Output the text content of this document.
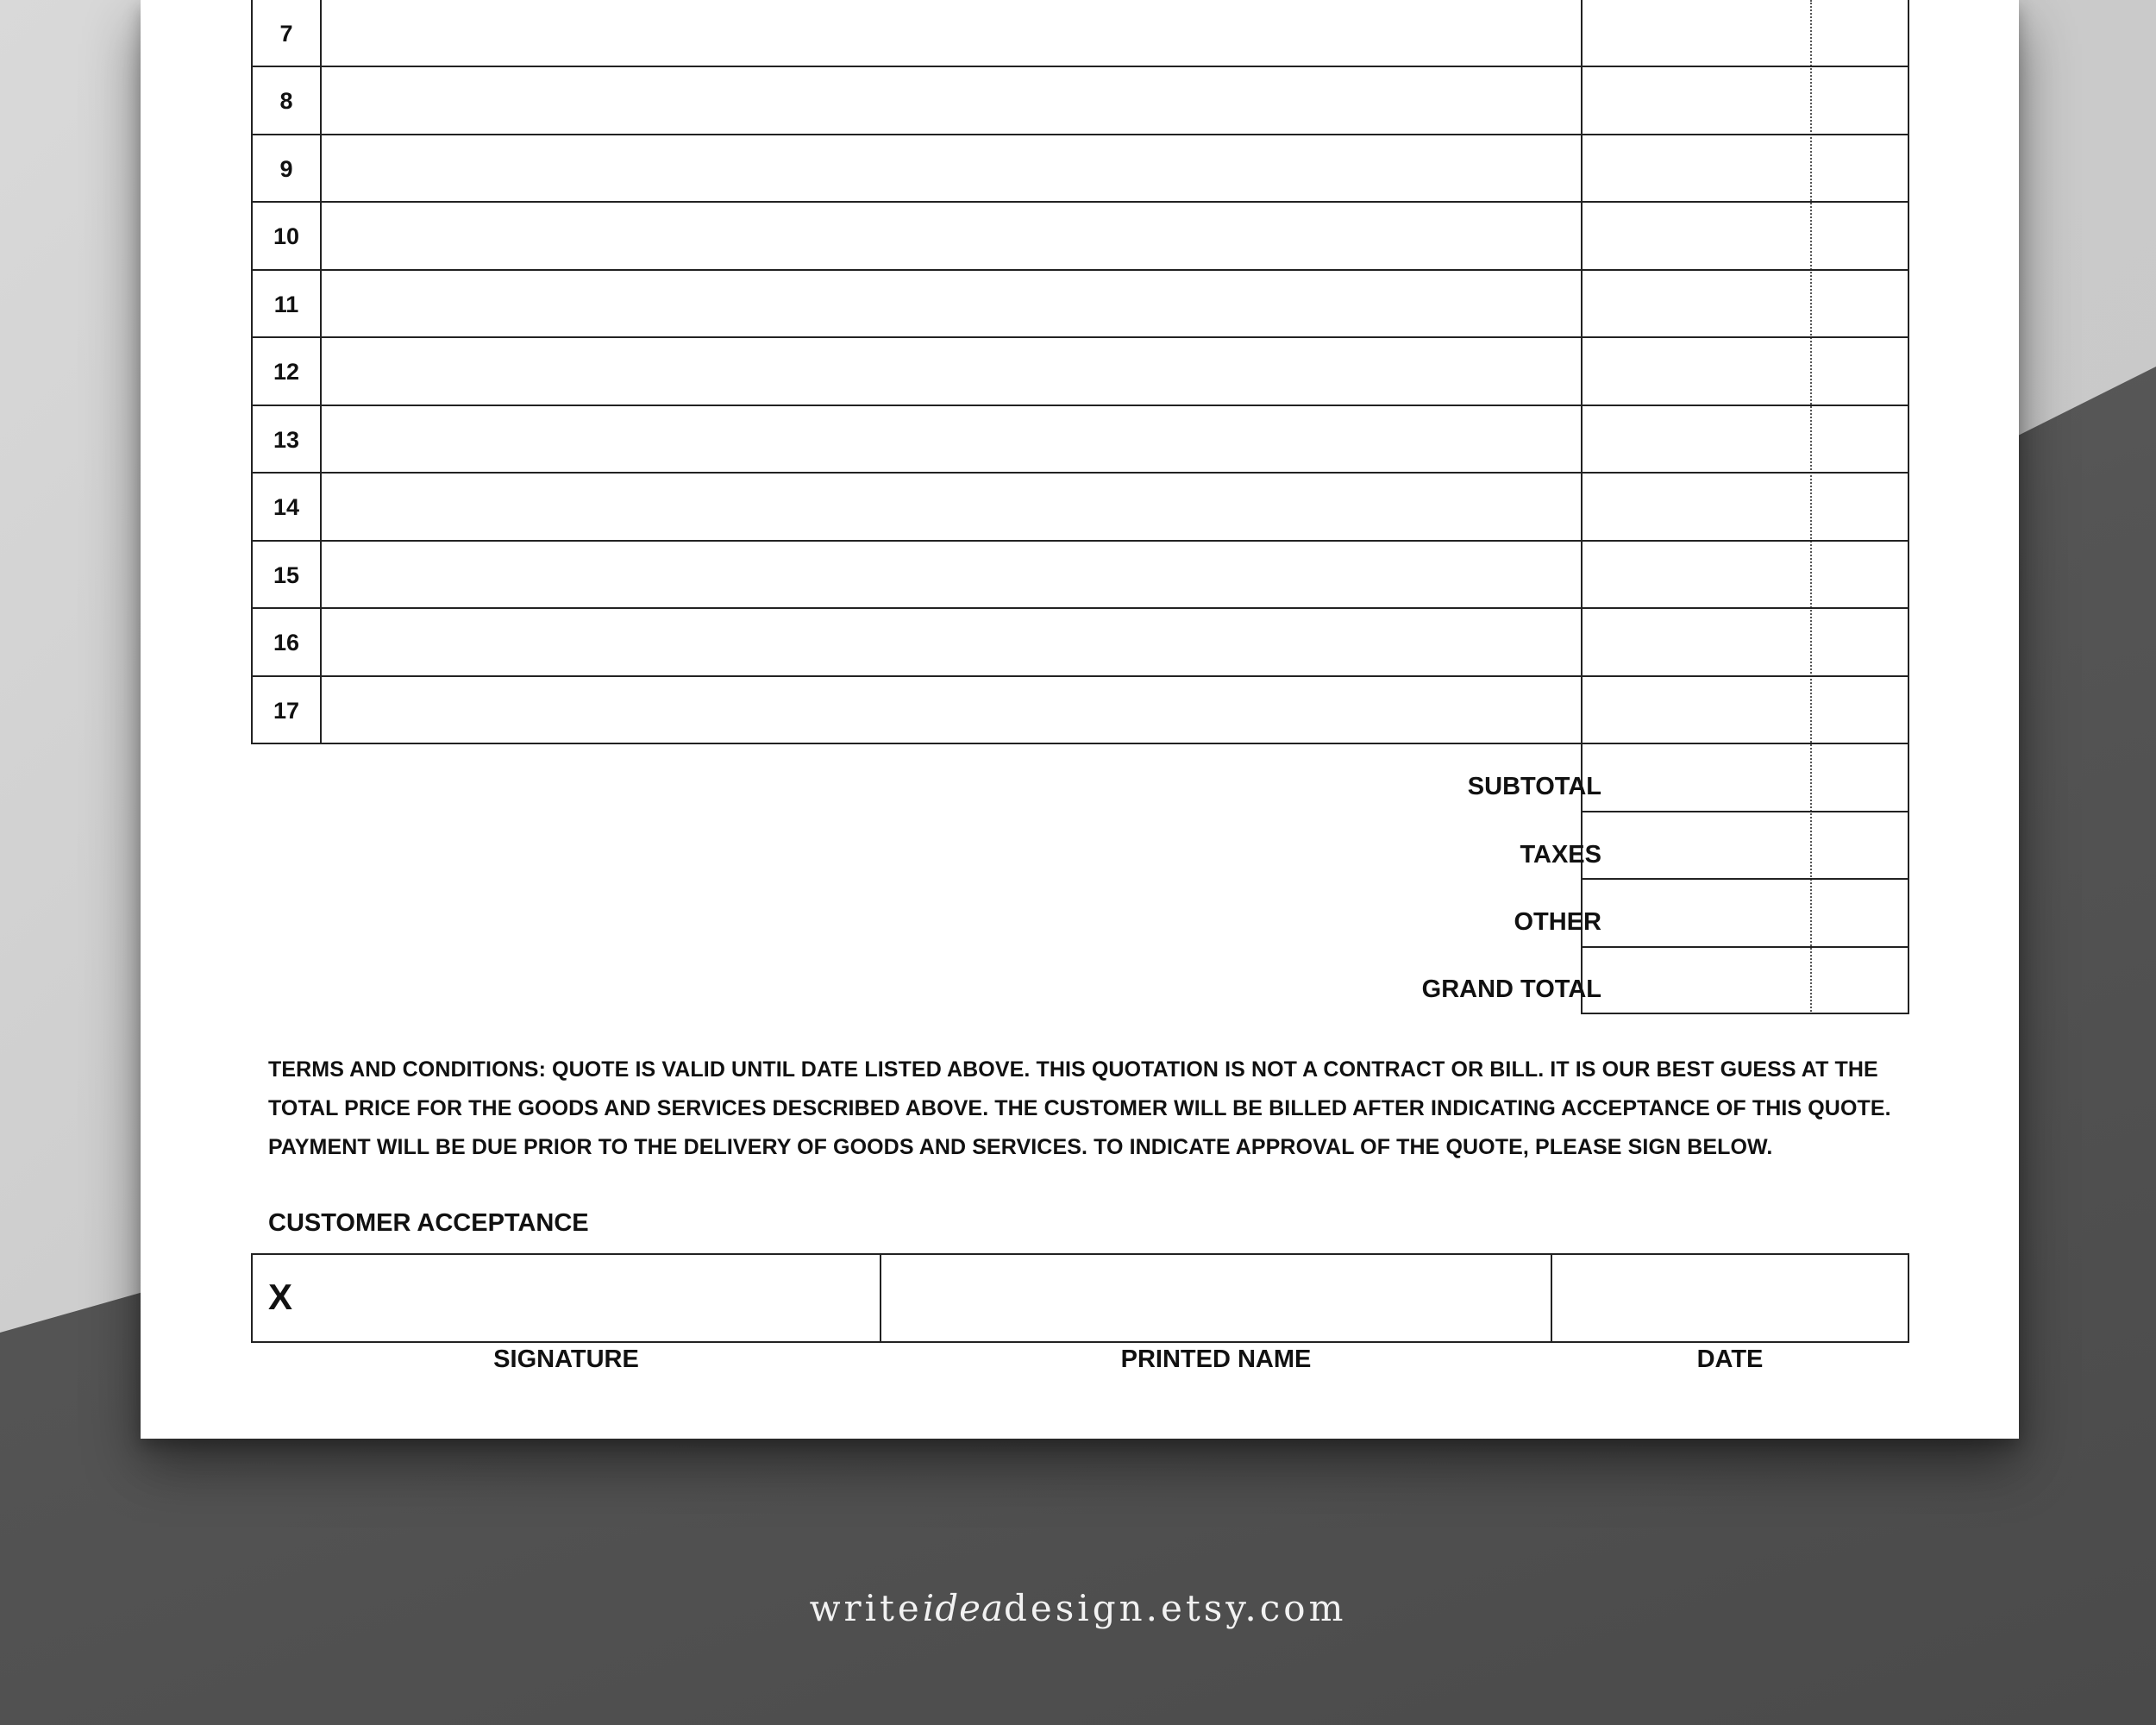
7
8
9
10
11
12
13
14
15
16
17
SUBTOTAL
TAXES
OTHER
GRAND TOTAL
TERMS AND CONDITIONS: QUOTE IS VALID UNTIL DATE LISTED ABOVE. THIS QUOTATION IS NOT A CONTRACT OR BILL. IT IS OUR BEST GUESS AT THE
TOTAL PRICE FOR THE GOODS AND SERVICES DESCRIBED ABOVE. THE CUSTOMER WILL BE BILLED AFTER INDICATING ACCEPTANCE OF THIS QUOTE.
PAYMENT WILL BE DUE PRIOR TO THE DELIVERY OF GOODS AND SERVICES. TO INDICATE APPROVAL OF THE QUOTE, PLEASE SIGN BELOW.
CUSTOMER ACCEPTANCE
X
SIGNATURE	PRINTED NAME	DATE
writeideadesign.etsy.com
